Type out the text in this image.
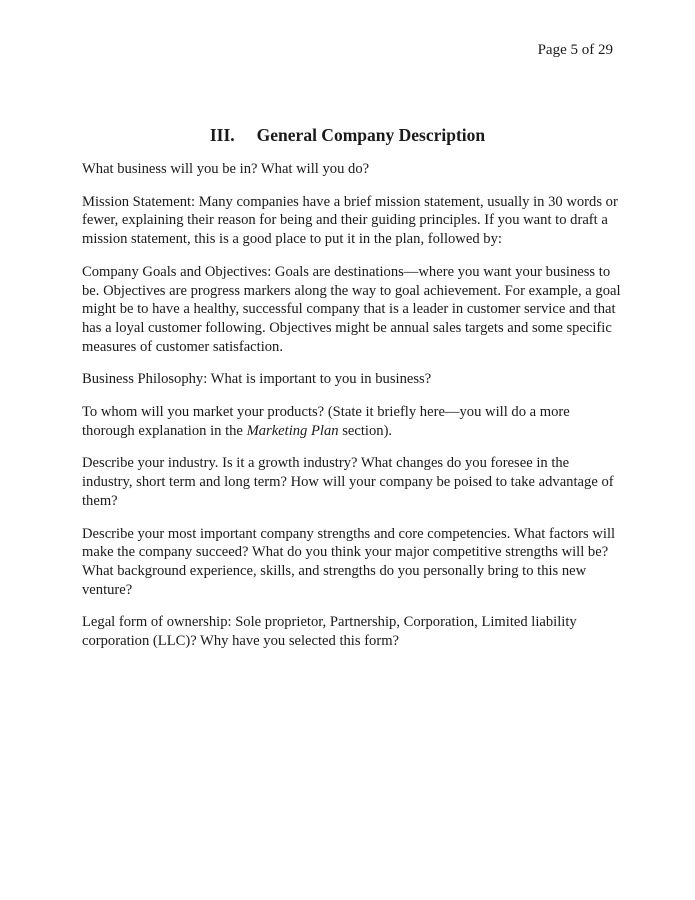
Page 5 of 29
III. General Company Description

What business will you be in? What will you do?

Mission Statement: Many companies have a brief mission statement, usually in 30 words or fewer, explaining their reason for being and their guiding principles. If you want to draft a mission statement, this is a good place to put it in the plan, followed by:

Company Goals and Objectives: Goals are destinations—where you want your business to be. Objectives are progress markers along the way to goal achievement. For example, a goal might be to have a healthy, successful company that is a leader in customer service and that has a loyal customer following. Objectives might be annual sales targets and some specific measures of customer satisfaction.

Business Philosophy: What is important to you in business?

To whom will you market your products? (State it briefly here—you will do a more thorough explanation in the Marketing Plan section).

Describe your industry. Is it a growth industry? What changes do you foresee in the industry, short term and long term? How will your company be poised to take advantage of them?

Describe your most important company strengths and core competencies. What factors will make the company succeed? What do you think your major competitive strengths will be? What background experience, skills, and strengths do you personally bring to this new venture?

Legal form of ownership: Sole proprietor, Partnership, Corporation, Limited liability corporation (LLC)? Why have you selected this form?
